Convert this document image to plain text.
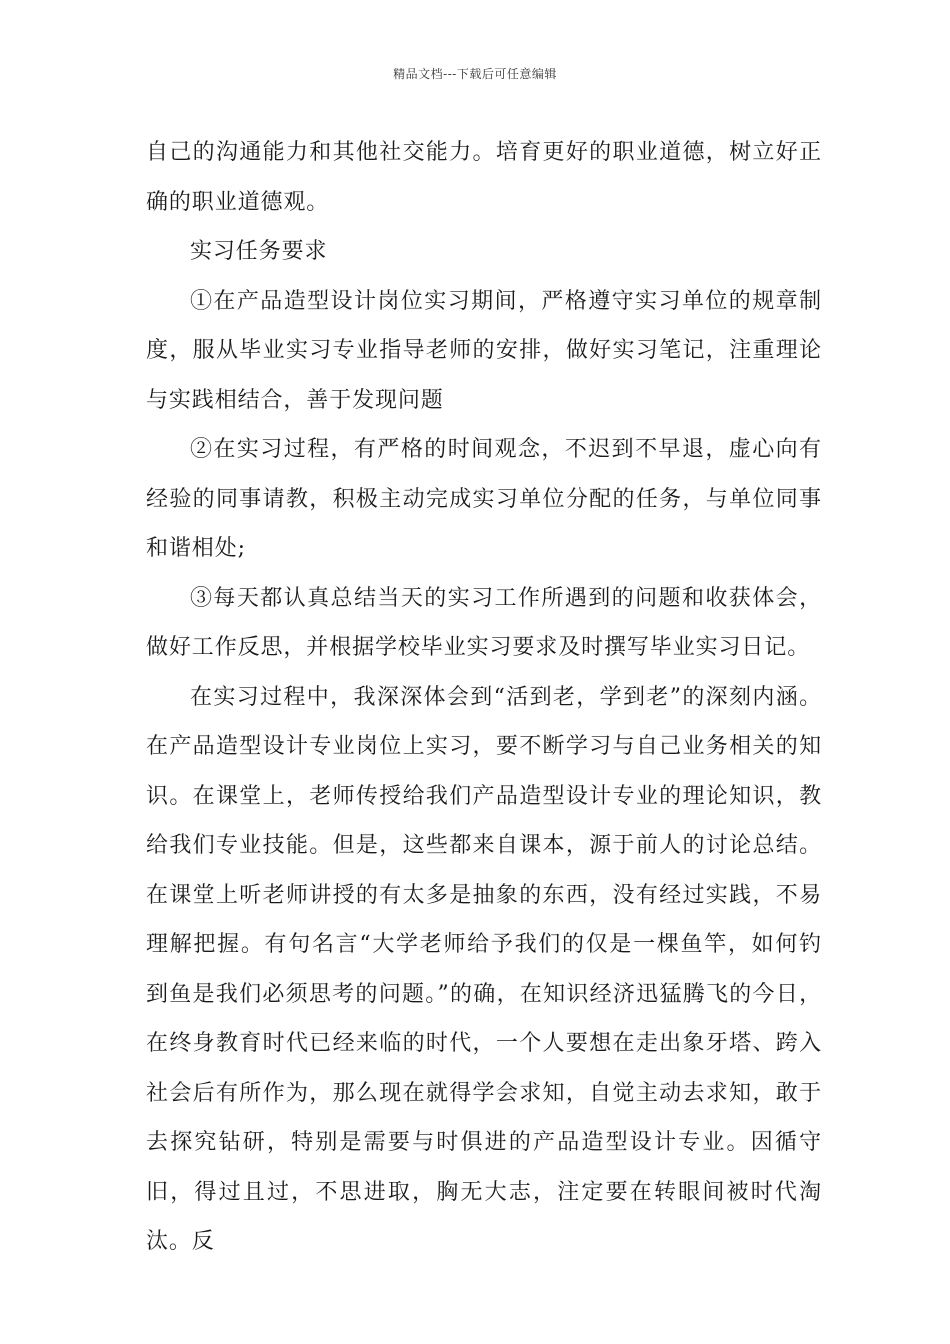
精品文档---下载后可任意编辑

自己的沟通能力和其他社交能力。培育更好的职业道德，树立好正确的职业道德观。

实习任务要求

①在产品造型设计岗位实习期间，严格遵守实习单位的规章制度，服从毕业实习专业指导老师的安排，做好实习笔记，注重理论与实践相结合，善于发现问题

②在实习过程，有严格的时间观念，不迟到不早退，虚心向有经验的同事请教，积极主动完成实习单位分配的任务，与单位同事和谐相处;

③每天都认真总结当天的实习工作所遇到的问题和收获体会，做好工作反思，并根据学校毕业实习要求及时撰写毕业实习日记。

在实习过程中，我深深体会到“活到老，学到老”的深刻内涵。在产品造型设计专业岗位上实习，要不断学习与自己业务相关的知识。在课堂上，老师传授给我们产品造型设计专业的理论知识，教给我们专业技能。但是，这些都来自课本，源于前人的讨论总结。在课堂上听老师讲授的有太多是抽象的东西，没有经过实践，不易理解把握。有句名言“大学老师给予我们的仅是一棵鱼竿，如何钓到鱼是我们必须思考的问题。”的确，在知识经济迅猛腾飞的今日，在终身教育时代已经来临的时代，一个人要想在走出象牙塔、跨入社会后有所作为，那么现在就得学会求知，自觉主动去求知，敢于去探究钻研，特别是需要与时俱进的产品造型设计专业。因循守旧，得过且过，不思进取，胸无大志，注定要在转眼间被时代淘汰。反
